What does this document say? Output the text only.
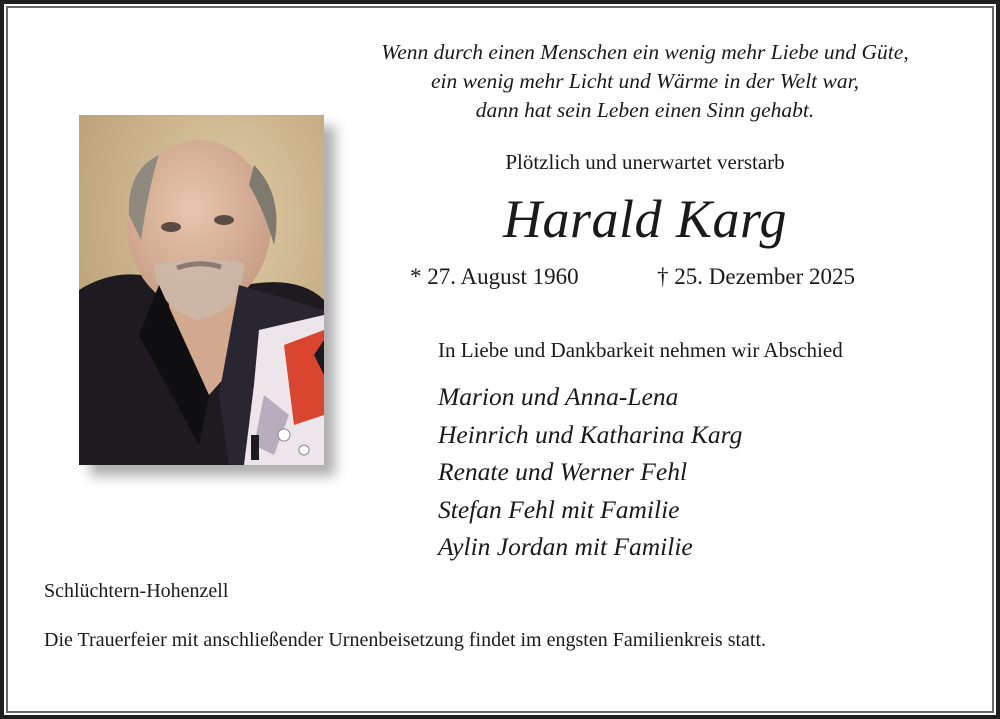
Wenn durch einen Menschen ein wenig mehr Liebe und Güte,
ein wenig mehr Licht und Wärme in der Welt war,
dann hat sein Leben einen Sinn gehabt.
Plötzlich und unerwartet verstarb
Harald Karg
* 27. August 1960	† 25. Dezember 2025
In Liebe und Dankbarkeit nehmen wir Abschied
Marion und Anna-Lena
Heinrich und Katharina Karg
Renate und Werner Fehl
Stefan Fehl mit Familie
Aylin Jordan mit Familie
Schlüchtern-Hohenzell
Die Trauerfeier mit anschließender Urnenbeisetzung findet im engsten Familienkreis statt.
